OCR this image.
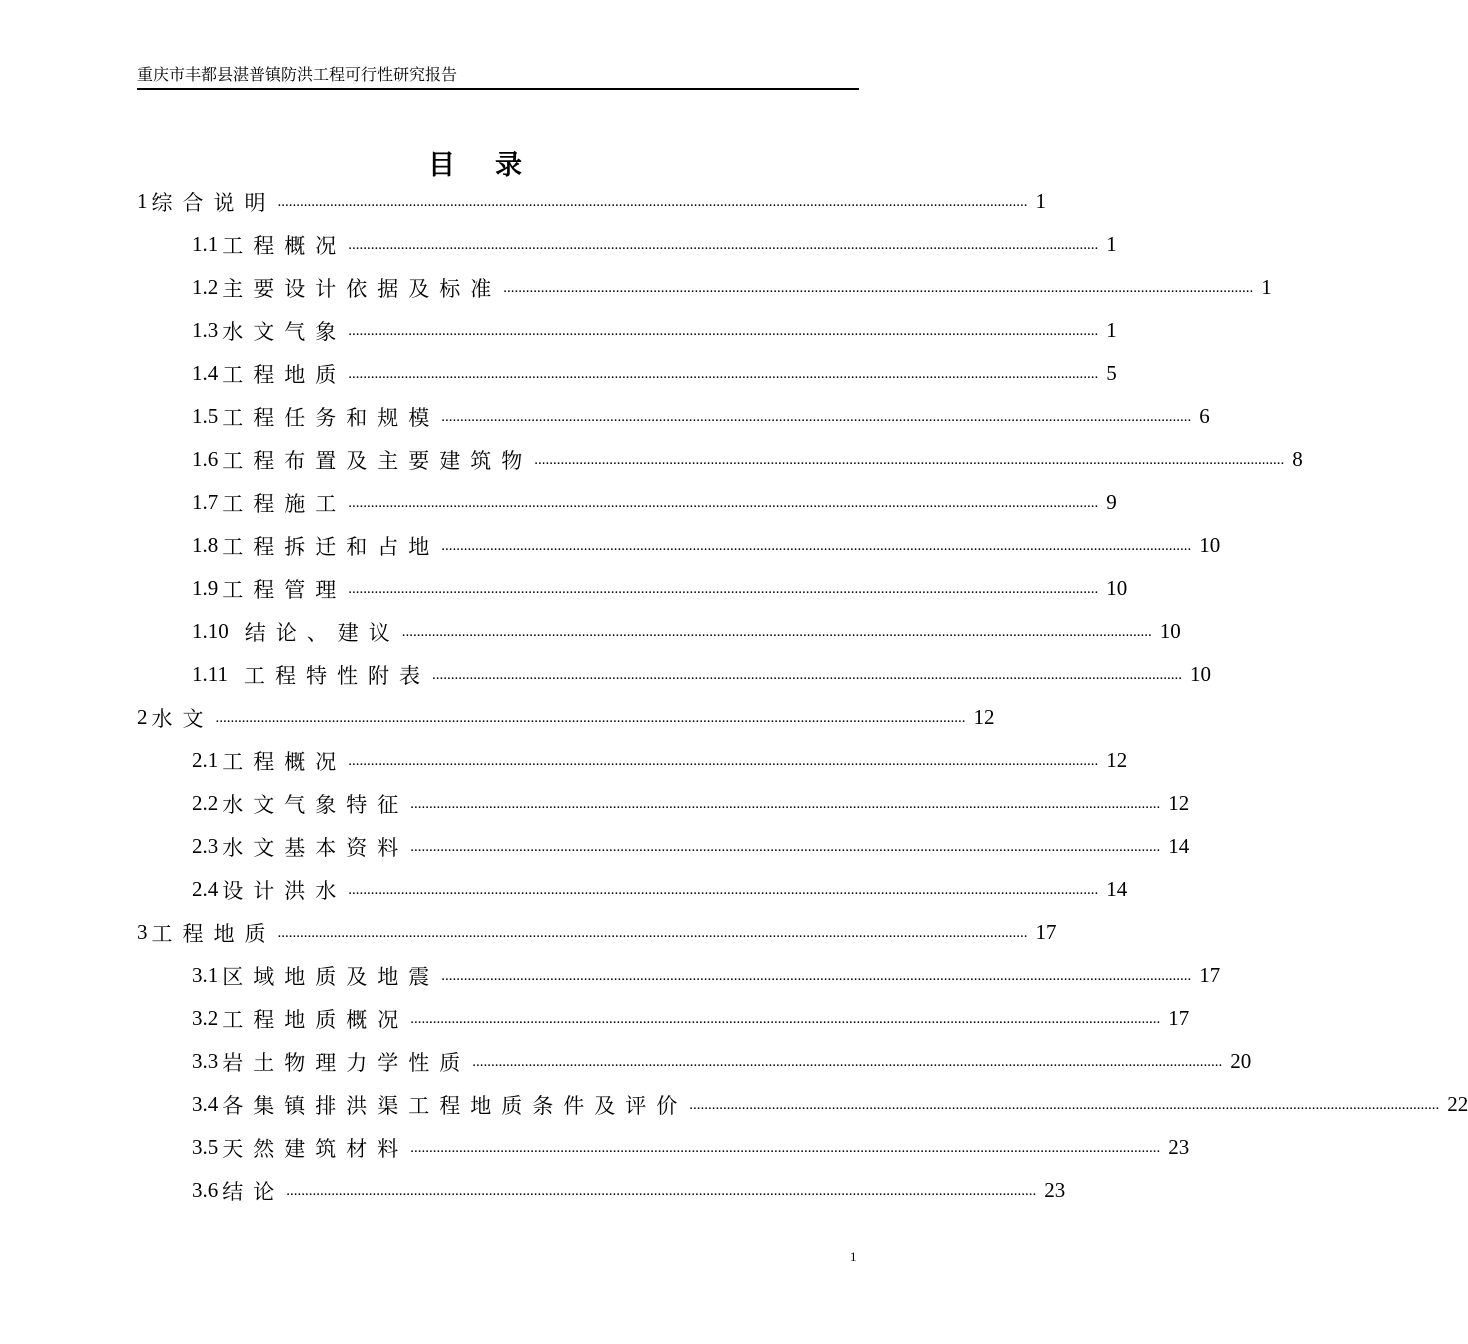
重庆市丰都县湛普镇防洪工程可行性研究报告
目录
1 综合说明 ........................................................................................................................................................................................................ 1
1.1 工程概况 ........................................................................................................................................................................................................ 1
1.2 主要设计依据及标准 ........................................................................................................................................................................................................ 1
1.3 水文气象 ........................................................................................................................................................................................................ 1
1.4 工程地质 ........................................................................................................................................................................................................ 5
1.5 工程任务和规模 ........................................................................................................................................................................................................ 6
1.6 工程布置及主要建筑物 ........................................................................................................................................................................................................ 8
1.7 工程施工 ........................................................................................................................................................................................................ 9
1.8 工程拆迁和占地 ........................................................................................................................................................................................................ 10
1.9 工程管理 ........................................................................................................................................................................................................ 10
1.10 结论、建议 ........................................................................................................................................................................................................ 10
1.11 工程特性附表 ........................................................................................................................................................................................................ 10
2 水文 ........................................................................................................................................................................................................ 12
2.1 工程概况 ........................................................................................................................................................................................................ 12
2.2 水文气象特征 ........................................................................................................................................................................................................ 12
2.3 水文基本资料 ........................................................................................................................................................................................................ 14
2.4 设计洪水 ........................................................................................................................................................................................................ 14
3 工程地质 ........................................................................................................................................................................................................ 17
3.1 区域地质及地震 ........................................................................................................................................................................................................ 17
3.2 工程地质概况 ........................................................................................................................................................................................................ 17
3.3 岩土物理力学性质 ........................................................................................................................................................................................................ 20
3.4 各集镇排洪渠工程地质条件及评价 ........................................................................................................................................................................................................ 22
3.5 天然建筑材料 ........................................................................................................................................................................................................ 23
3.6 结论 ........................................................................................................................................................................................................ 23
1
